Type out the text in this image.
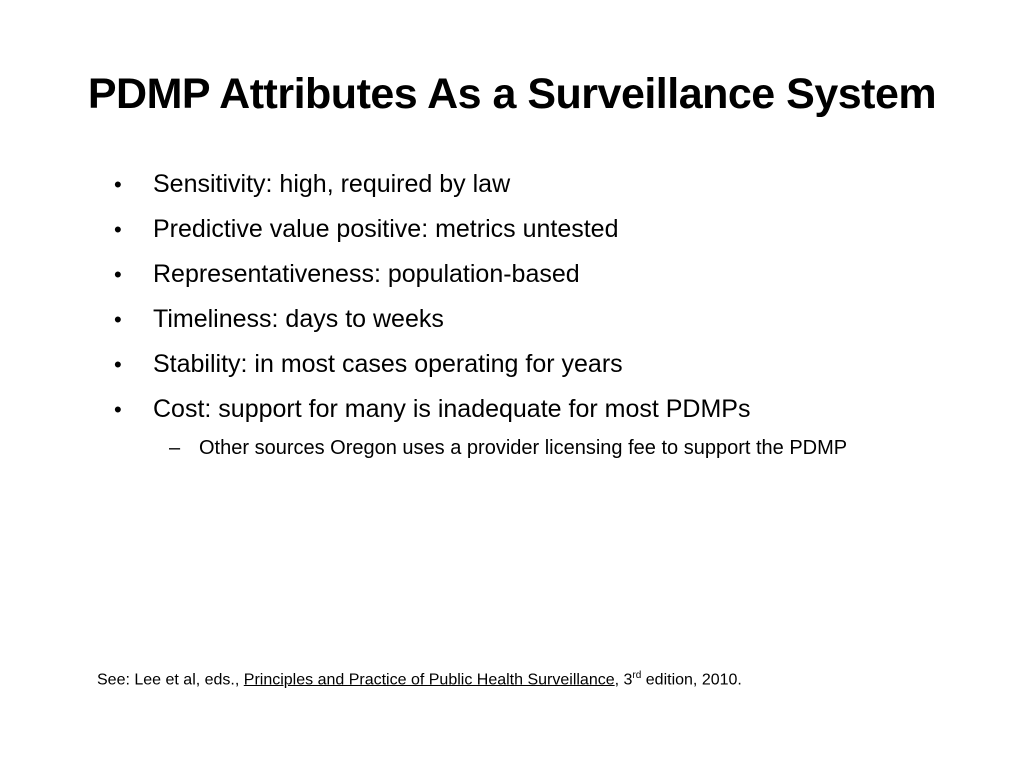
PDMP Attributes As a Surveillance System
•	Sensitivity: high, required by law
•	Predictive value positive: metrics untested
•	Representativeness: population-based
•	Timeliness: days to weeks
•	Stability: in most cases operating for years
•	Cost: support for many is inadequate for most PDMPs
– Other sources Oregon uses a provider licensing fee to support the PDMP
See: Lee et al, eds., Principles and Practice of Public Health Surveillance, 3rd edition, 2010.
